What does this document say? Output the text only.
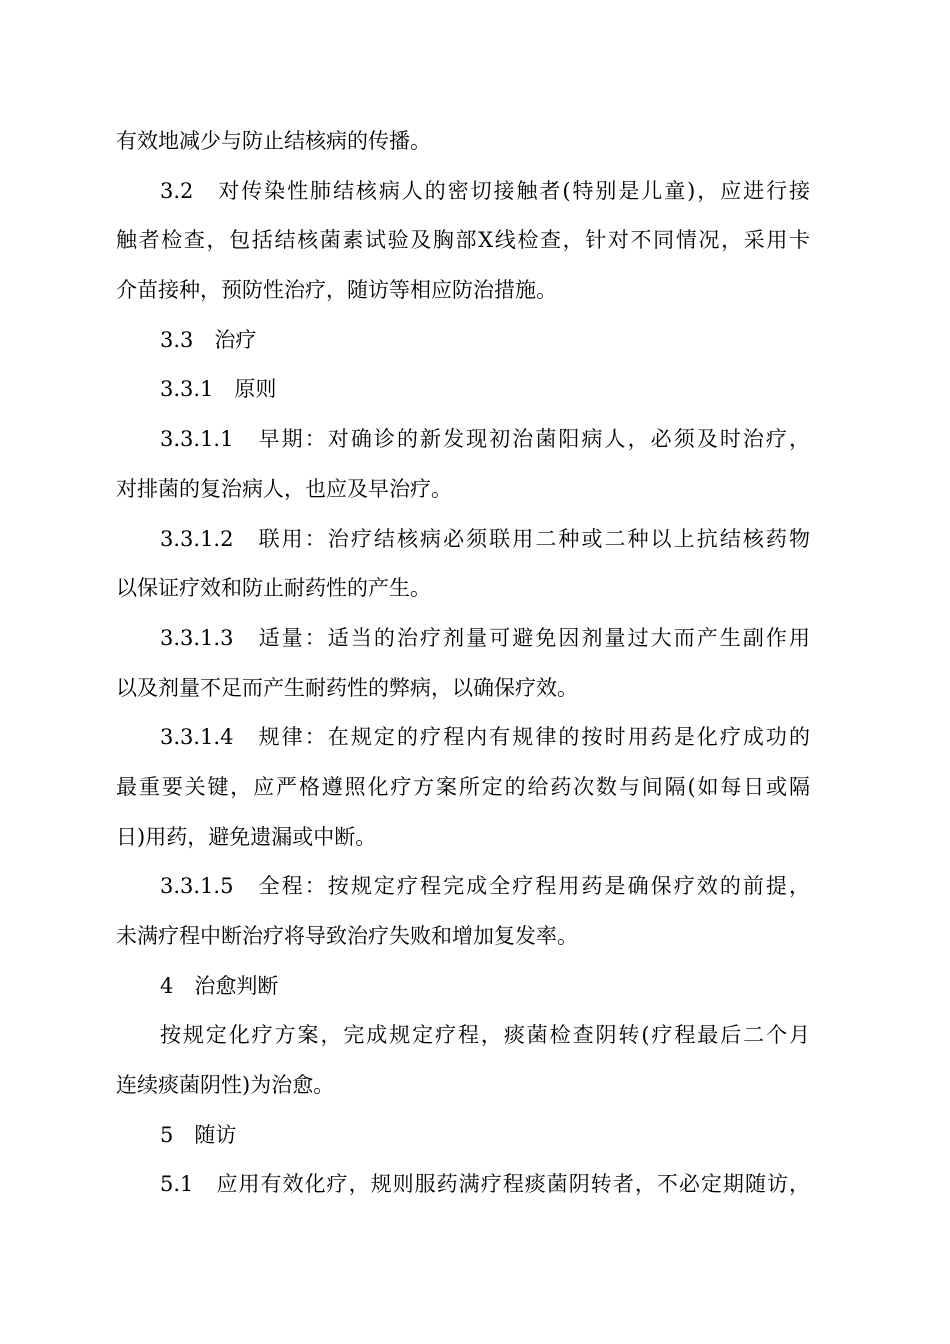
有效地减少与防止结核病的传播。
3.2　对传染性肺结核病人的密切接触者(特别是儿童)，应进行接
触者检查，包括结核菌素试验及胸部X线检查，针对不同情况，采用卡
介苗接种，预防性治疗，随访等相应防治措施。
3.3　治疗
3.3.1　原则
3.3.1.1　早期：对确诊的新发现初治菌阳病人，必须及时治疗，
对排菌的复治病人，也应及早治疗。
3.3.1.2　联用：治疗结核病必须联用二种或二种以上抗结核药物
以保证疗效和防止耐药性的产生。
3.3.1.3　适量：适当的治疗剂量可避免因剂量过大而产生副作用
以及剂量不足而产生耐药性的弊病，以确保疗效。
3.3.1.4　规律：在规定的疗程内有规律的按时用药是化疗成功的
最重要关键，应严格遵照化疗方案所定的给药次数与间隔(如每日或隔
日)用药，避免遗漏或中断。
3.3.1.5　全程：按规定疗程完成全疗程用药是确保疗效的前提，
未满疗程中断治疗将导致治疗失败和增加复发率。
4　治愈判断
按规定化疗方案，完成规定疗程，痰菌检查阴转(疗程最后二个月
连续痰菌阴性)为治愈。
5　随访
5.1　应用有效化疗，规则服药满疗程痰菌阴转者，不必定期随访，
